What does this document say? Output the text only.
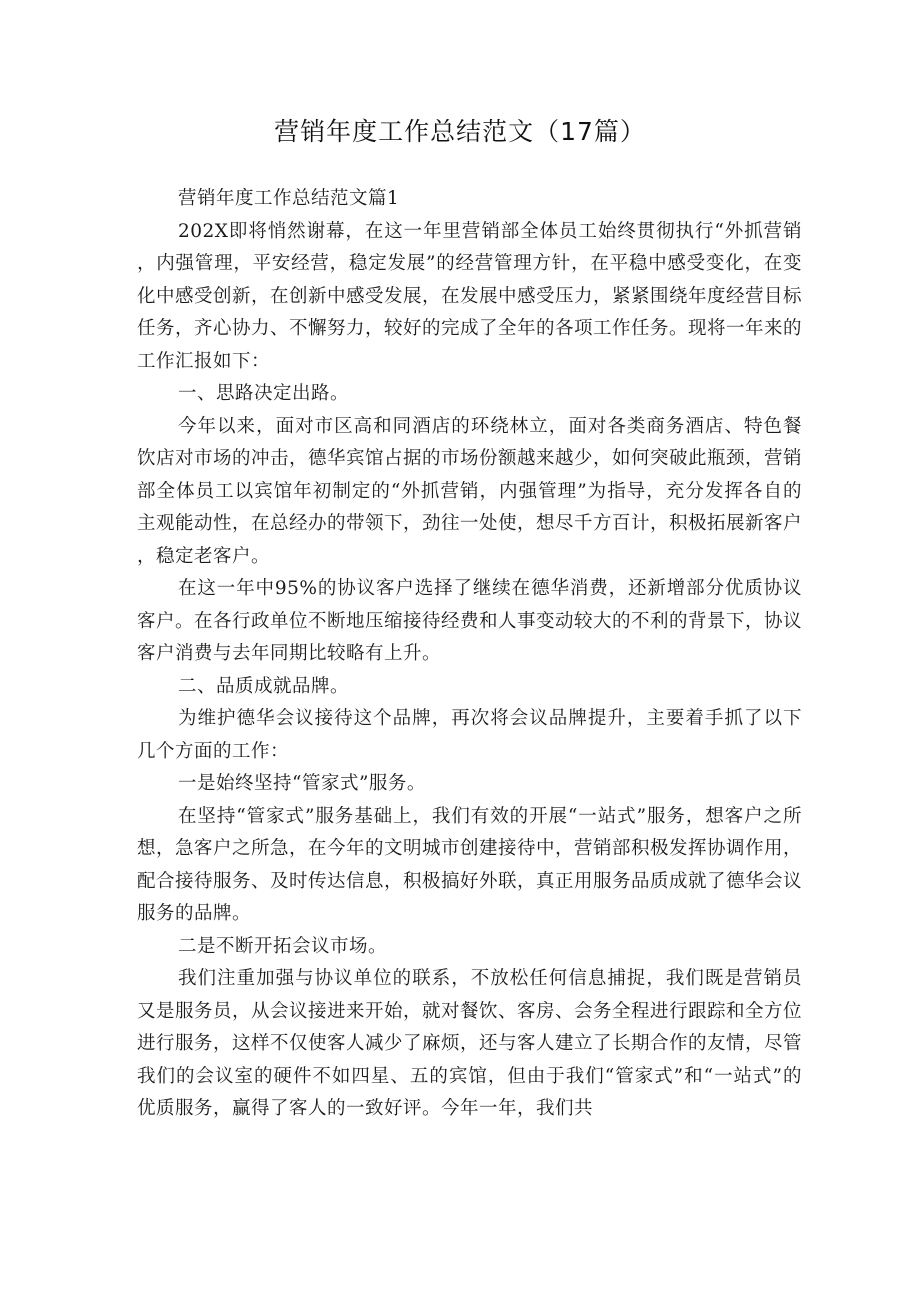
营销年度工作总结范文（17篇）

营销年度工作总结范文篇1

202X即将悄然谢幕，在这一年里营销部全体员工始终贯彻执行“外抓营销，内强管理，平安经营，稳定发展”的经营管理方针，在平稳中感受变化，在变化中感受创新，在创新中感受发展，在发展中感受压力，紧紧围绕年度经营目标任务，齐心协力、不懈努力，较好的完成了全年的各项工作任务。现将一年来的工作汇报如下：

一、思路决定出路。

今年以来，面对市区高和同酒店的环绕林立，面对各类商务酒店、特色餐饮店对市场的冲击，德华宾馆占据的市场份额越来越少，如何突破此瓶颈，营销部全体员工以宾馆年初制定的“外抓营销，内强管理”为指导，充分发挥各自的主观能动性，在总经办的带领下，劲往一处使，想尽千方百计，积极拓展新客户，稳定老客户。

在这一年中95%的协议客户选择了继续在德华消费，还新增部分优质协议客户。在各行政单位不断地压缩接待经费和人事变动较大的不利的背景下，协议客户消费与去年同期比较略有上升。

二、品质成就品牌。

为维护德华会议接待这个品牌，再次将会议品牌提升，主要着手抓了以下几个方面的工作：

一是始终坚持“管家式”服务。

在坚持“管家式”服务基础上，我们有效的开展“一站式”服务，想客户之所想，急客户之所急，在今年的文明城市创建接待中，营销部积极发挥协调作用，配合接待服务、及时传达信息，积极搞好外联，真正用服务品质成就了德华会议服务的品牌。

二是不断开拓会议市场。

我们注重加强与协议单位的联系，不放松任何信息捕捉，我们既是营销员又是服务员，从会议接进来开始，就对餐饮、客房、会务全程进行跟踪和全方位进行服务，这样不仅使客人减少了麻烦，还与客人建立了长期合作的友情，尽管我们的会议室的硬件不如四星、五的宾馆，但由于我们“管家式”和“一站式”的优质服务，赢得了客人的一致好评。今年一年，我们共
